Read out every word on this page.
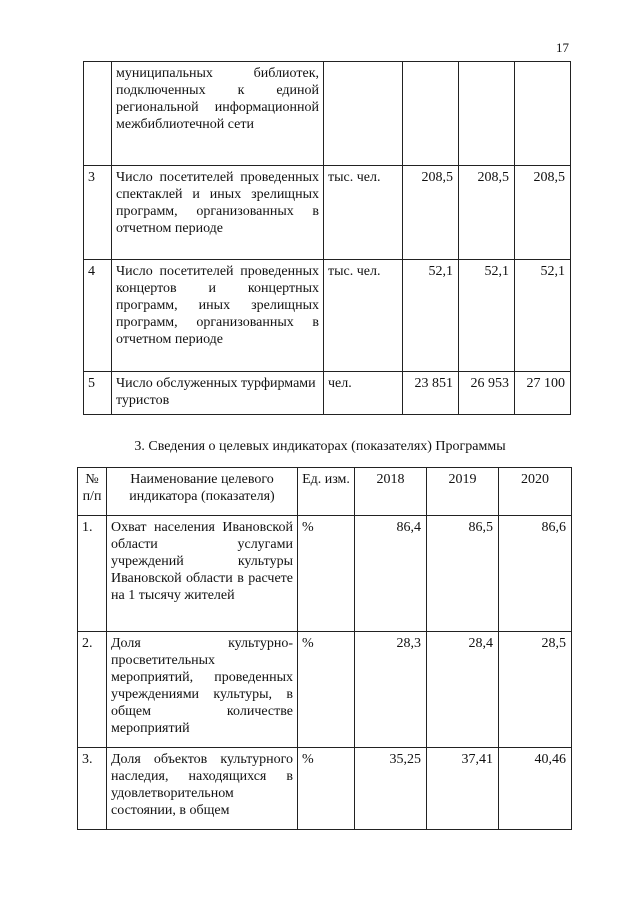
17
	муниципальных библиотек, подключенных к единой региональной информационной межбиблиотечной сети				
3	Число посетителей проведенных спектаклей и иных зрелищных программ, организованных в отчетном периоде	тыс. чел.	208,5	208,5	208,5
4	Число посетителей проведенных концертов и концертных программ, иных зрелищных программ, организованных в отчетном периоде	тыс. чел.	52,1	52,1	52,1
5	Число обслуженных турфирмами туристов	чел.	23 851	26 953	27 100
3. Сведения о целевых индикаторах (показателях) Программы
№ п/п	Наименование целевого индикатора (показателя)	Ед. изм.	2018	2019	2020
1.	Охват населения Ивановской области услугами учреждений культуры Ивановской области в расчете на 1 тысячу жителей	%	86,4	86,5	86,6
2.	Доля культурно-просветительных мероприятий, проведенных учреждениями культуры, в общем количестве мероприятий	%	28,3	28,4	28,5
3.	Доля объектов культурного наследия, находящихся в удовлетворительном состоянии, в общем	%	35,25	37,41	40,46
